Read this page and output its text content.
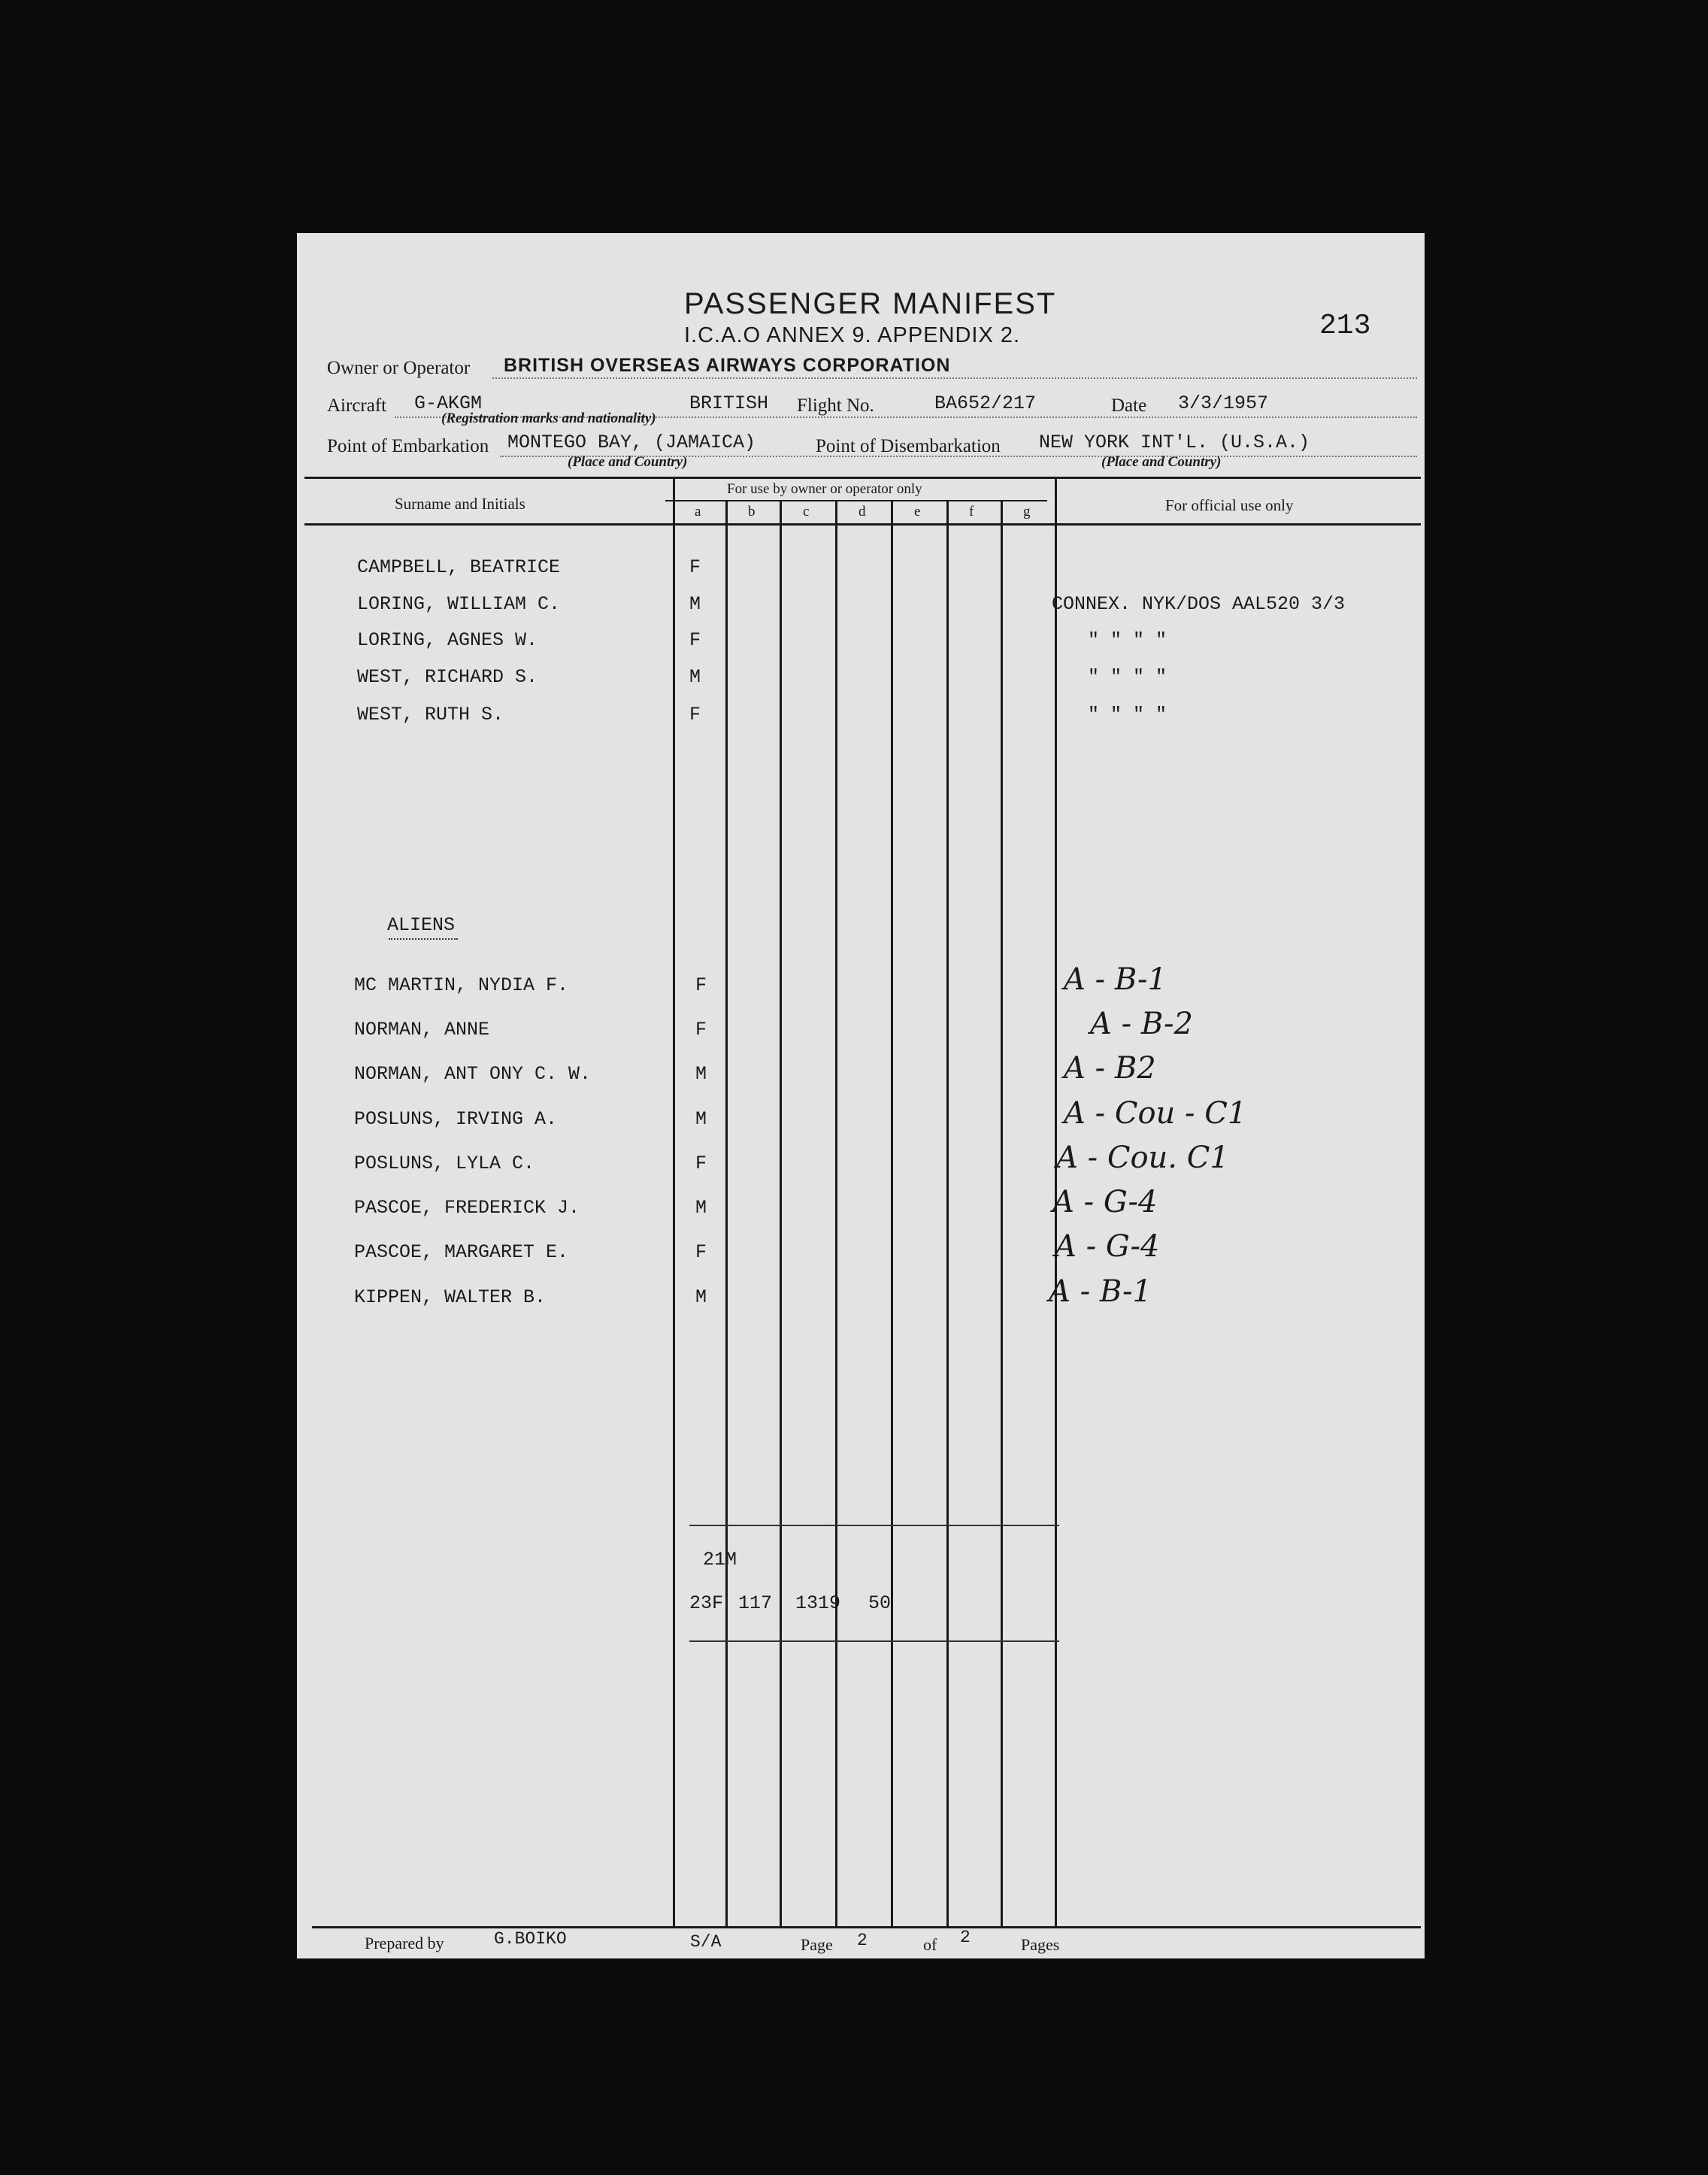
PASSENGER MANIFEST
I.C.A.O ANNEX 9. APPENDIX 2.	213
Owner or Operator BRITISH OVERSEAS AIRWAYS CORPORATION
Aircraft G-AKGM	BRITISH Flight No.	BA652/217	Date 3/3/1957
(Registration marks and nationality)
Point of Embarkation MONTEGO BAY, (JAMAICA)	Point of Disembarkation NEW YORK INT'L. (U.S.A.)
(Place and Country)	(Place and Country)
Surname and Initials
For use by owner or operator only
For official use only
a	b	c	d	e	f	g
CAMPBELL, BEATRICE	F
LORING, WILLIAM C.	M	CONNEX. NYK/DOS AAL520 3/3
LORING, AGNES W.	F	" " " "
WEST, RICHARD S.	M	" " " "
WEST, RUTH S.	F	" " " "
ALIENS
MC MARTIN, NYDIA F.	F	A - B-1
NORMAN, ANNE	F	A - B-2
NORMAN, ANT ONY C. W.	M	A - B2
POSLUNS, IRVING A.	M	A - Cou - C1
POSLUNS, LYLA C.	F	A - Cou. C1
PASCOE, FREDERICK J.	M	A - G-4
PASCOE, MARGARET E.	F	A - G-4
KIPPEN, WALTER B.	M	A - B-1
21M
23F 117 1319 50
Prepared by	G.BOIKO	S/A	Page 2	of 2	Pages
